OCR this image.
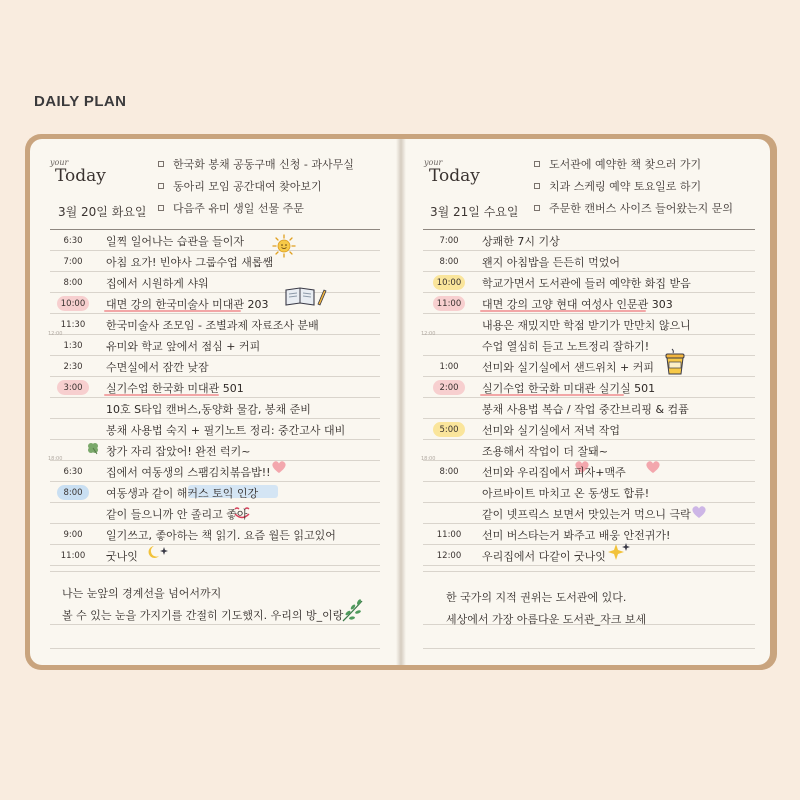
DAILY PLAN
your
Today
3월 20일 화요일
한국화 봉채 공동구매 신청 - 과사무실
동아리 모임 공간대여 찾아보기
다음주 유미 생일 선물 주문
your
Today
3월 21일 수요일
도서관에 예약한 책 찾으러 가기
치과 스케링 예약 토요일로 하기
주문한 캔버스 사이즈 들어왔는지 문의
6:30	일찍 일어나는 습관을 들이자
7:00	아침 요가! 빈야사 그룹수업 새롭쌤
8:00	집에서 시원하게 샤워
10:00 대면 강의 한국미술사 미대관 203
11:30 한국미술사 조모임 - 조별과제 자료조사 분배
1:30	유미와 학교 앞에서 점심 + 커피
2:30	수면실에서 잠깐 낮잠
3:00	실기수업 한국화 미대관 501
10호 S타입 캔버스,동양화 물감, 봉채 준비
봉채 사용법 숙지 + 필기노트 정리: 중간고사 대비
창가 자리 잡았어! 완전 럭키~
6:30	집에서 여동생의 스팸김치볶음밥!!
8:00	여동생과 같이 해커스 토익 인강
같이 들으니까 안 졸리고 좋아
9:00	일기쓰고, 좋아하는 책 읽기. 요즘 월든 읽고있어
11:00 굿나잇
7:00	상쾌한 7시 기상
8:00	왠지 아침밥을 든든히 먹었어
10:00 학교가면서 도서관에 들러 예약한 화집 받음
11:00 대면 강의 고양 현대 여성사 인문관 303
내용은 재밌지만 학점 받기가 만만치 않으니
수업 열심히 듣고 노트정리 잘하기!
1:00	선미와 실기실에서 샌드위치 + 커피
2:00	실기수업 한국화 미대관 실기실 501
봉채 사용법 복습 / 작업 중간브리핑 & 컴퓸
5:00	선미와 실기실에서 저녁 작업
조용해서 작업이 더 잘돼~
8:00	선미와 우리집에서 피자+맥주
아르바이트 마치고 온 동생도 합류!
같이 넷프릭스 보면서 맛있는거 먹으니 극락
11:00 선미 버스타는거 봐주고 배웅 안전귀가!
12:00 우리집에서 다같이 굿나잇
12:00
18:00
12:00
18:00
나는 눈앞의 경계선을 넘어서까지
볼 수 있는 눈을 가지기를 간절히 기도했지. 우리의 방_이랑
한 국가의 지적 권위는 도서관에 있다.
세상에서 가장 아름다운 도서관_자크 보세
